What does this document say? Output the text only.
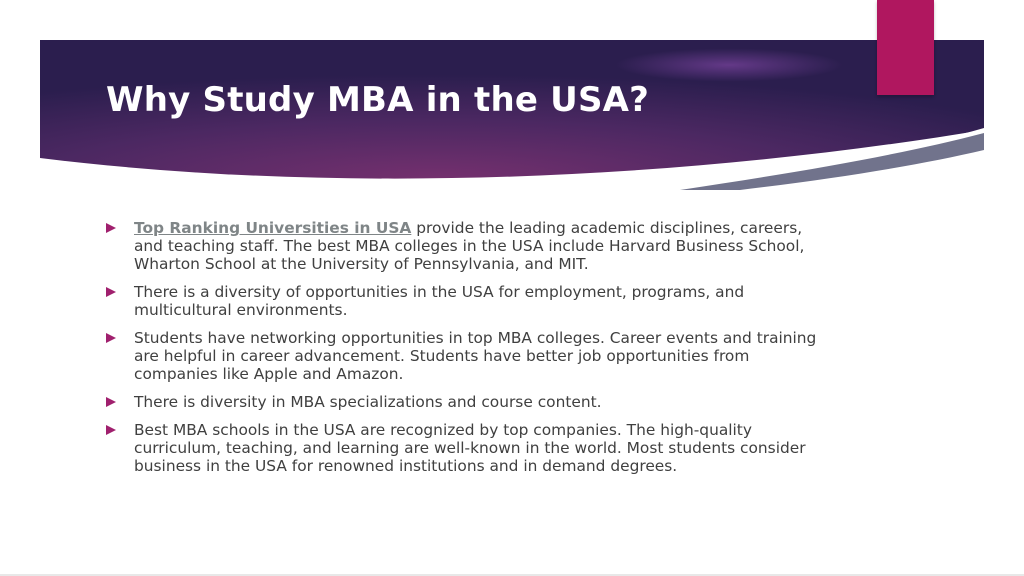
Why Study MBA in the USA?
Top Ranking Universities in USA provide the leading academic disciplines, careers, and teaching staff. The best MBA colleges in the USA include Harvard Business School, Wharton School at the University of Pennsylvania, and MIT.
There is a diversity of opportunities in the USA for employment, programs, and multicultural environments.
Students have networking opportunities in top MBA colleges. Career events and training are helpful in career advancement. Students have better job opportunities from companies like Apple and Amazon.
There is diversity in MBA specializations and course content.
Best MBA schools in the USA are recognized by top companies. The high-quality curriculum, teaching, and learning are well-known in the world. Most students consider business in the USA for renowned institutions and in demand degrees.
